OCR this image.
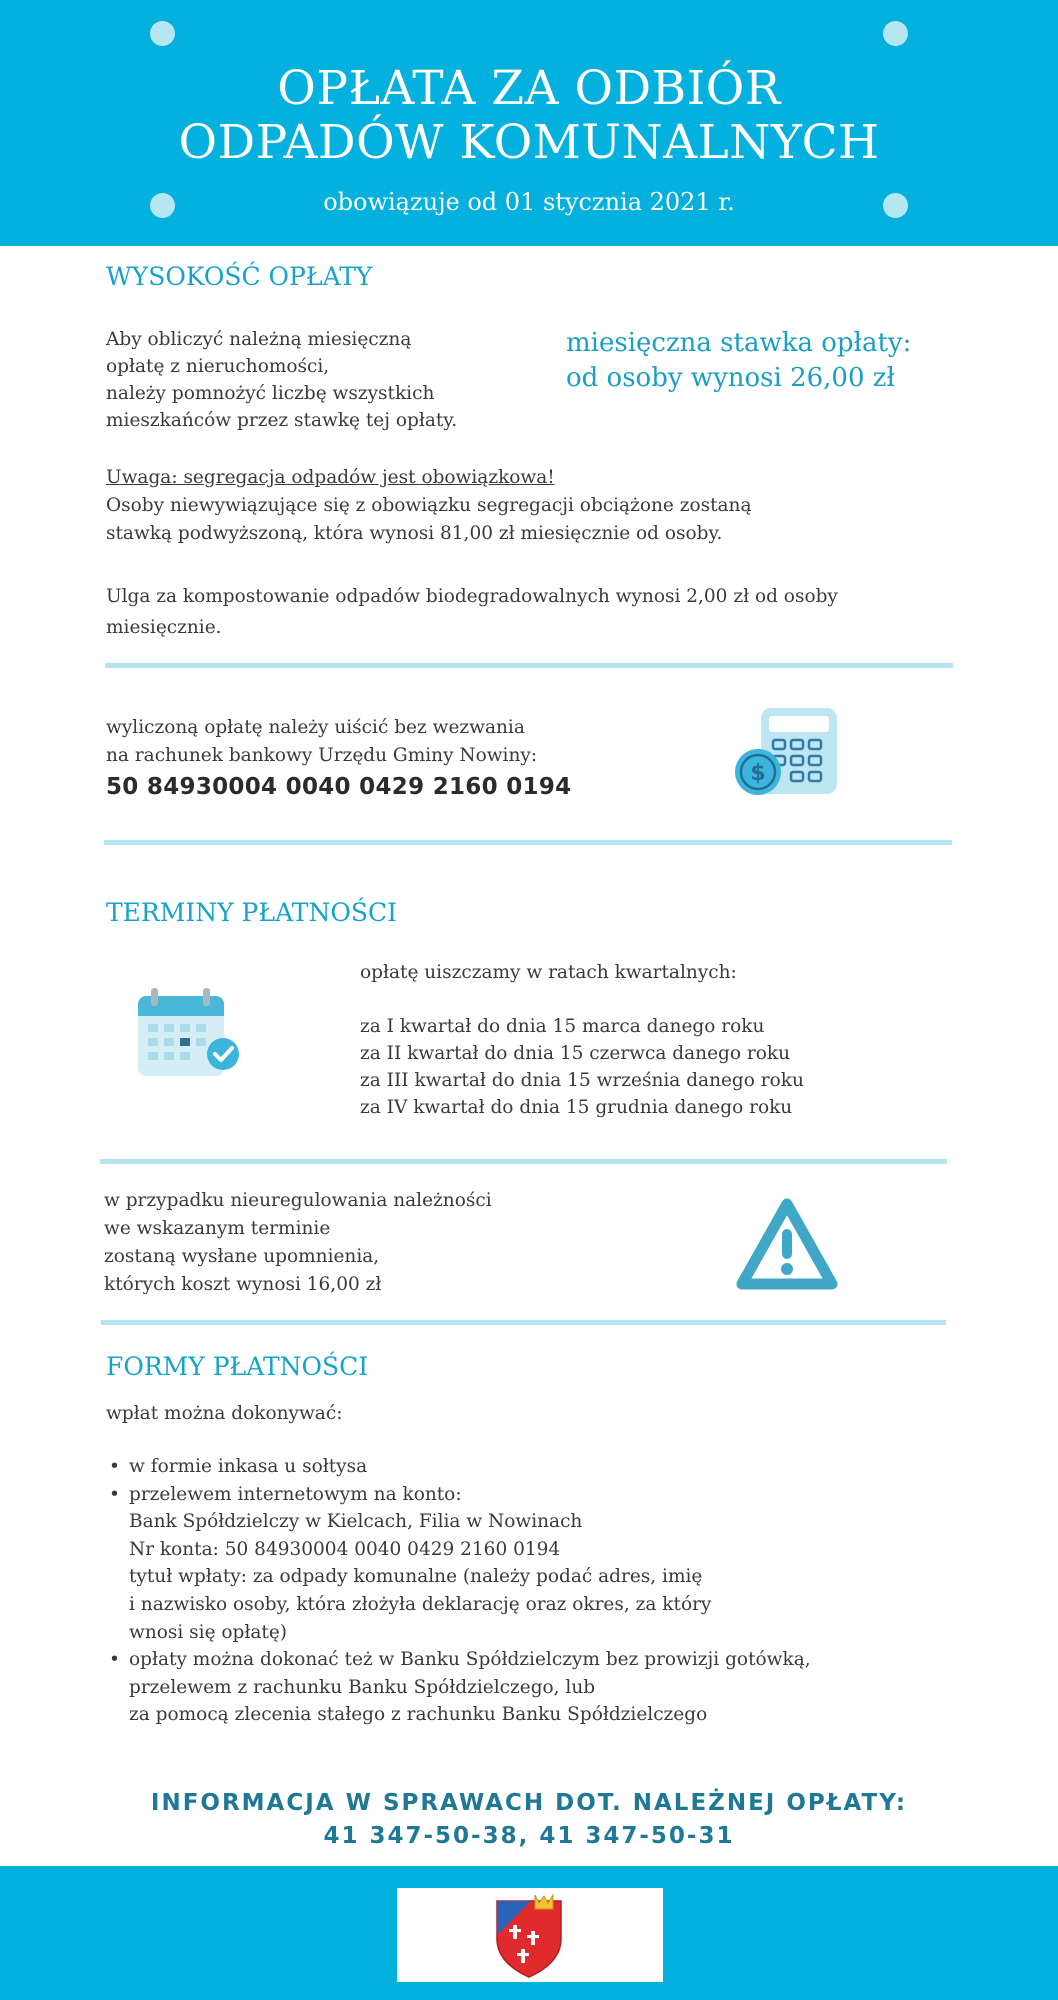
OPŁATA ZA ODBIÓR
ODPADÓW KOMUNALNYCH
obowiązuje od 01 stycznia 2021 r.
WYSOKOŚĆ OPŁATY
Aby obliczyć należną miesięczną
opłatę z nieruchomości,
należy pomnożyć liczbę wszystkich
mieszkańców przez stawkę tej opłaty.
miesięczna stawka opłaty:
od osoby wynosi 26,00 zł
Uwaga: segregacja odpadów jest obowiązkowa!
Osoby niewywiązujące się z obowiązku segregacji obciążone zostaną
stawką podwyższoną, która wynosi 81,00 zł miesięcznie od osoby.
Ulga za kompostowanie odpadów biodegradowalnych wynosi 2,00 zł od osoby
miesięcznie.
wyliczoną opłatę należy uiścić bez wezwania
na rachunek bankowy Urzędu Gminy Nowiny:
50 84930004 0040 0429 2160 0194
$
TERMINY PŁATNOŚCI
opłatę uiszczamy w ratach kwartalnych:
za I kwartał do dnia 15 marca danego roku
za II kwartał do dnia 15 czerwca danego roku
za III kwartał do dnia 15 września danego roku
za IV kwartał do dnia 15 grudnia danego roku
w przypadku nieuregulowania należności
we wskazanym terminie
zostaną wysłane upomnienia,
których koszt wynosi 16,00 zł
FORMY PŁATNOŚCI
wpłat można dokonywać:
• w formie inkasa u sołtysa
• przelewem internetowym na konto:
Bank Spółdzielczy w Kielcach, Filia w Nowinach
Nr konta: 50 84930004 0040 0429 2160 0194
tytuł wpłaty: za odpady komunalne (należy podać adres, imię
i nazwisko osoby, która złożyła deklarację oraz okres, za który
wnosi się opłatę)
• opłaty można dokonać też w Banku Spółdzielczym bez prowizji gotówką,
przelewem z rachunku Banku Spółdzielczego, lub
za pomocą zlecenia stałego z rachunku Banku Spółdzielczego
INFORMACJA W SPRAWACH DOT. NALEŻNEJ OPŁATY:
41 347-50-38, 41 347-50-31
